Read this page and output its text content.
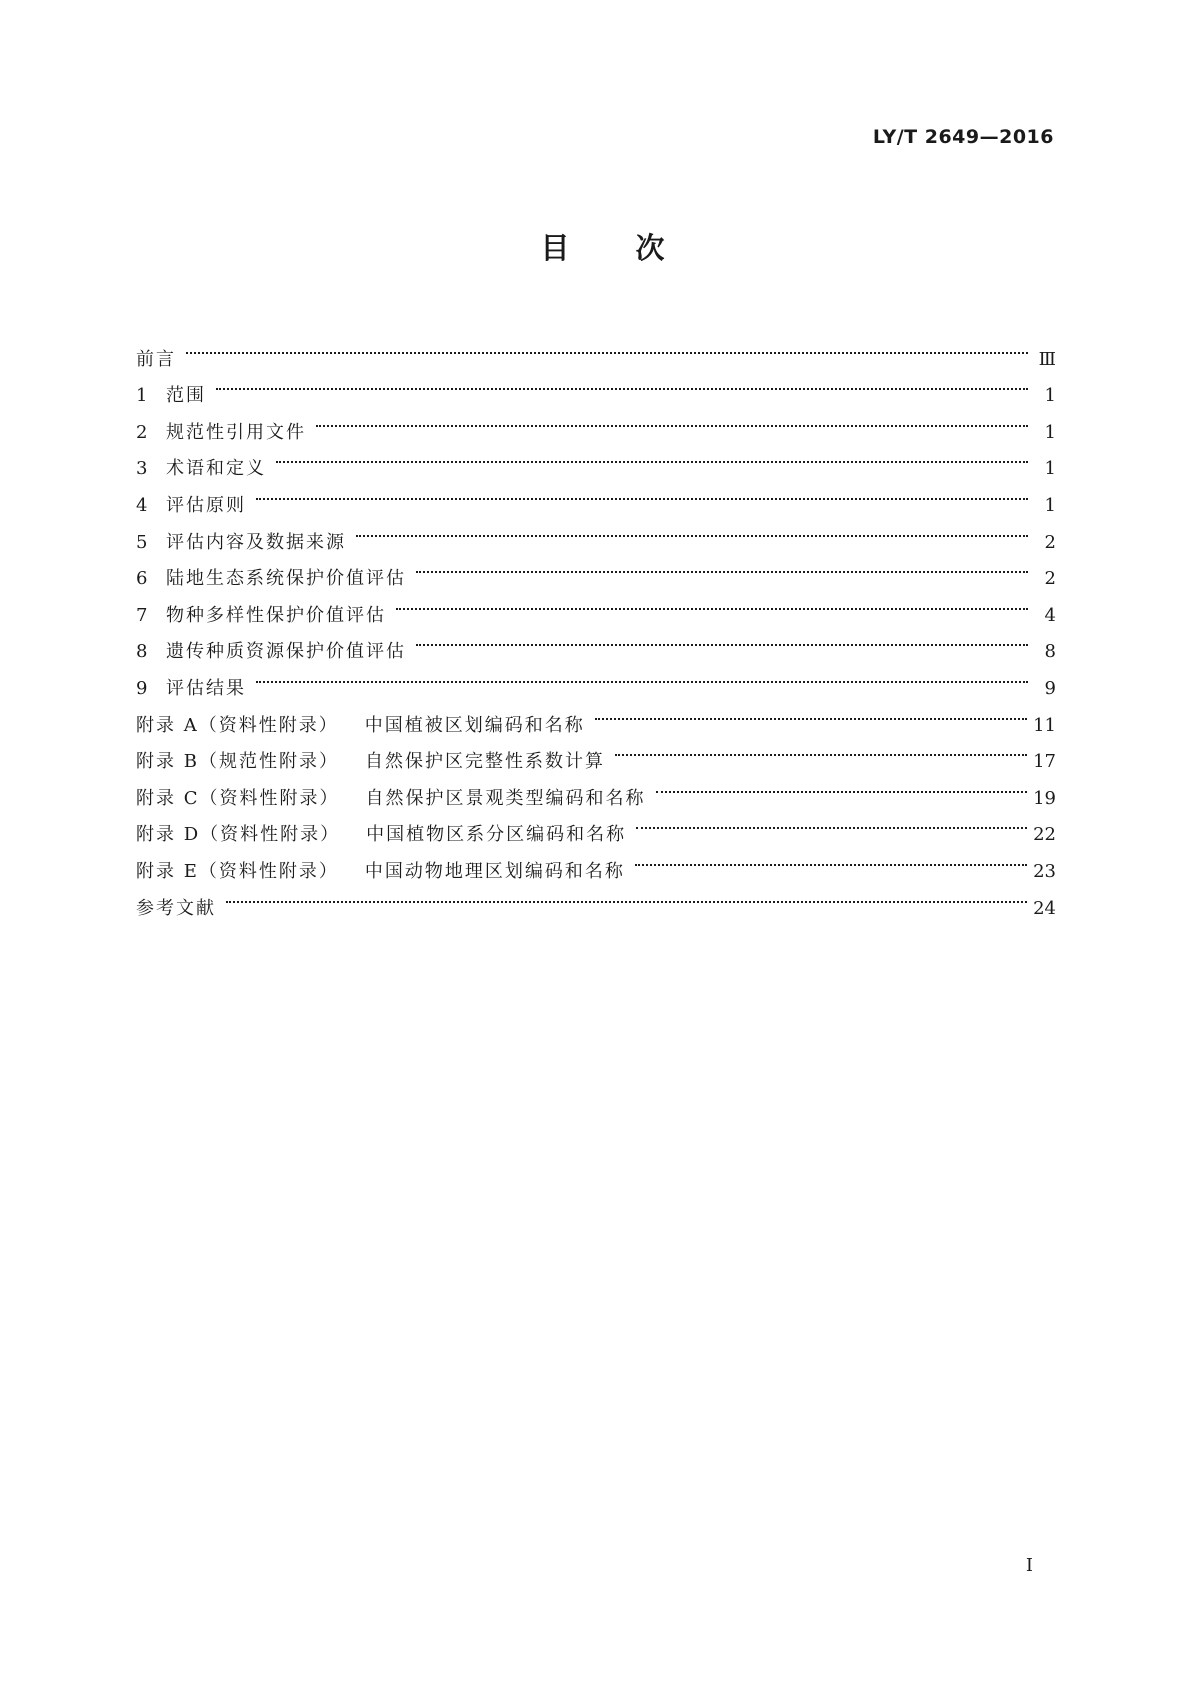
LY/T 2649—2016
目次
前言	Ⅲ
1	范围	1
2	规范性引用文件	1
3	术语和定义	1
4	评估原则	1
5	评估内容及数据来源	2
6	陆地生态系统保护价值评估	2
7	物种多样性保护价值评估	4
8	遗传种质资源保护价值评估	8
9	评估结果	9
附录 A（资料性附录） 中国植被区划编码和名称	11
附录 B（规范性附录） 自然保护区完整性系数计算	17
附录 C（资料性附录） 自然保护区景观类型编码和名称	19
附录 D（资料性附录） 中国植物区系分区编码和名称	22
附录 E（资料性附录） 中国动物地理区划编码和名称	23
参考文献	24
I
